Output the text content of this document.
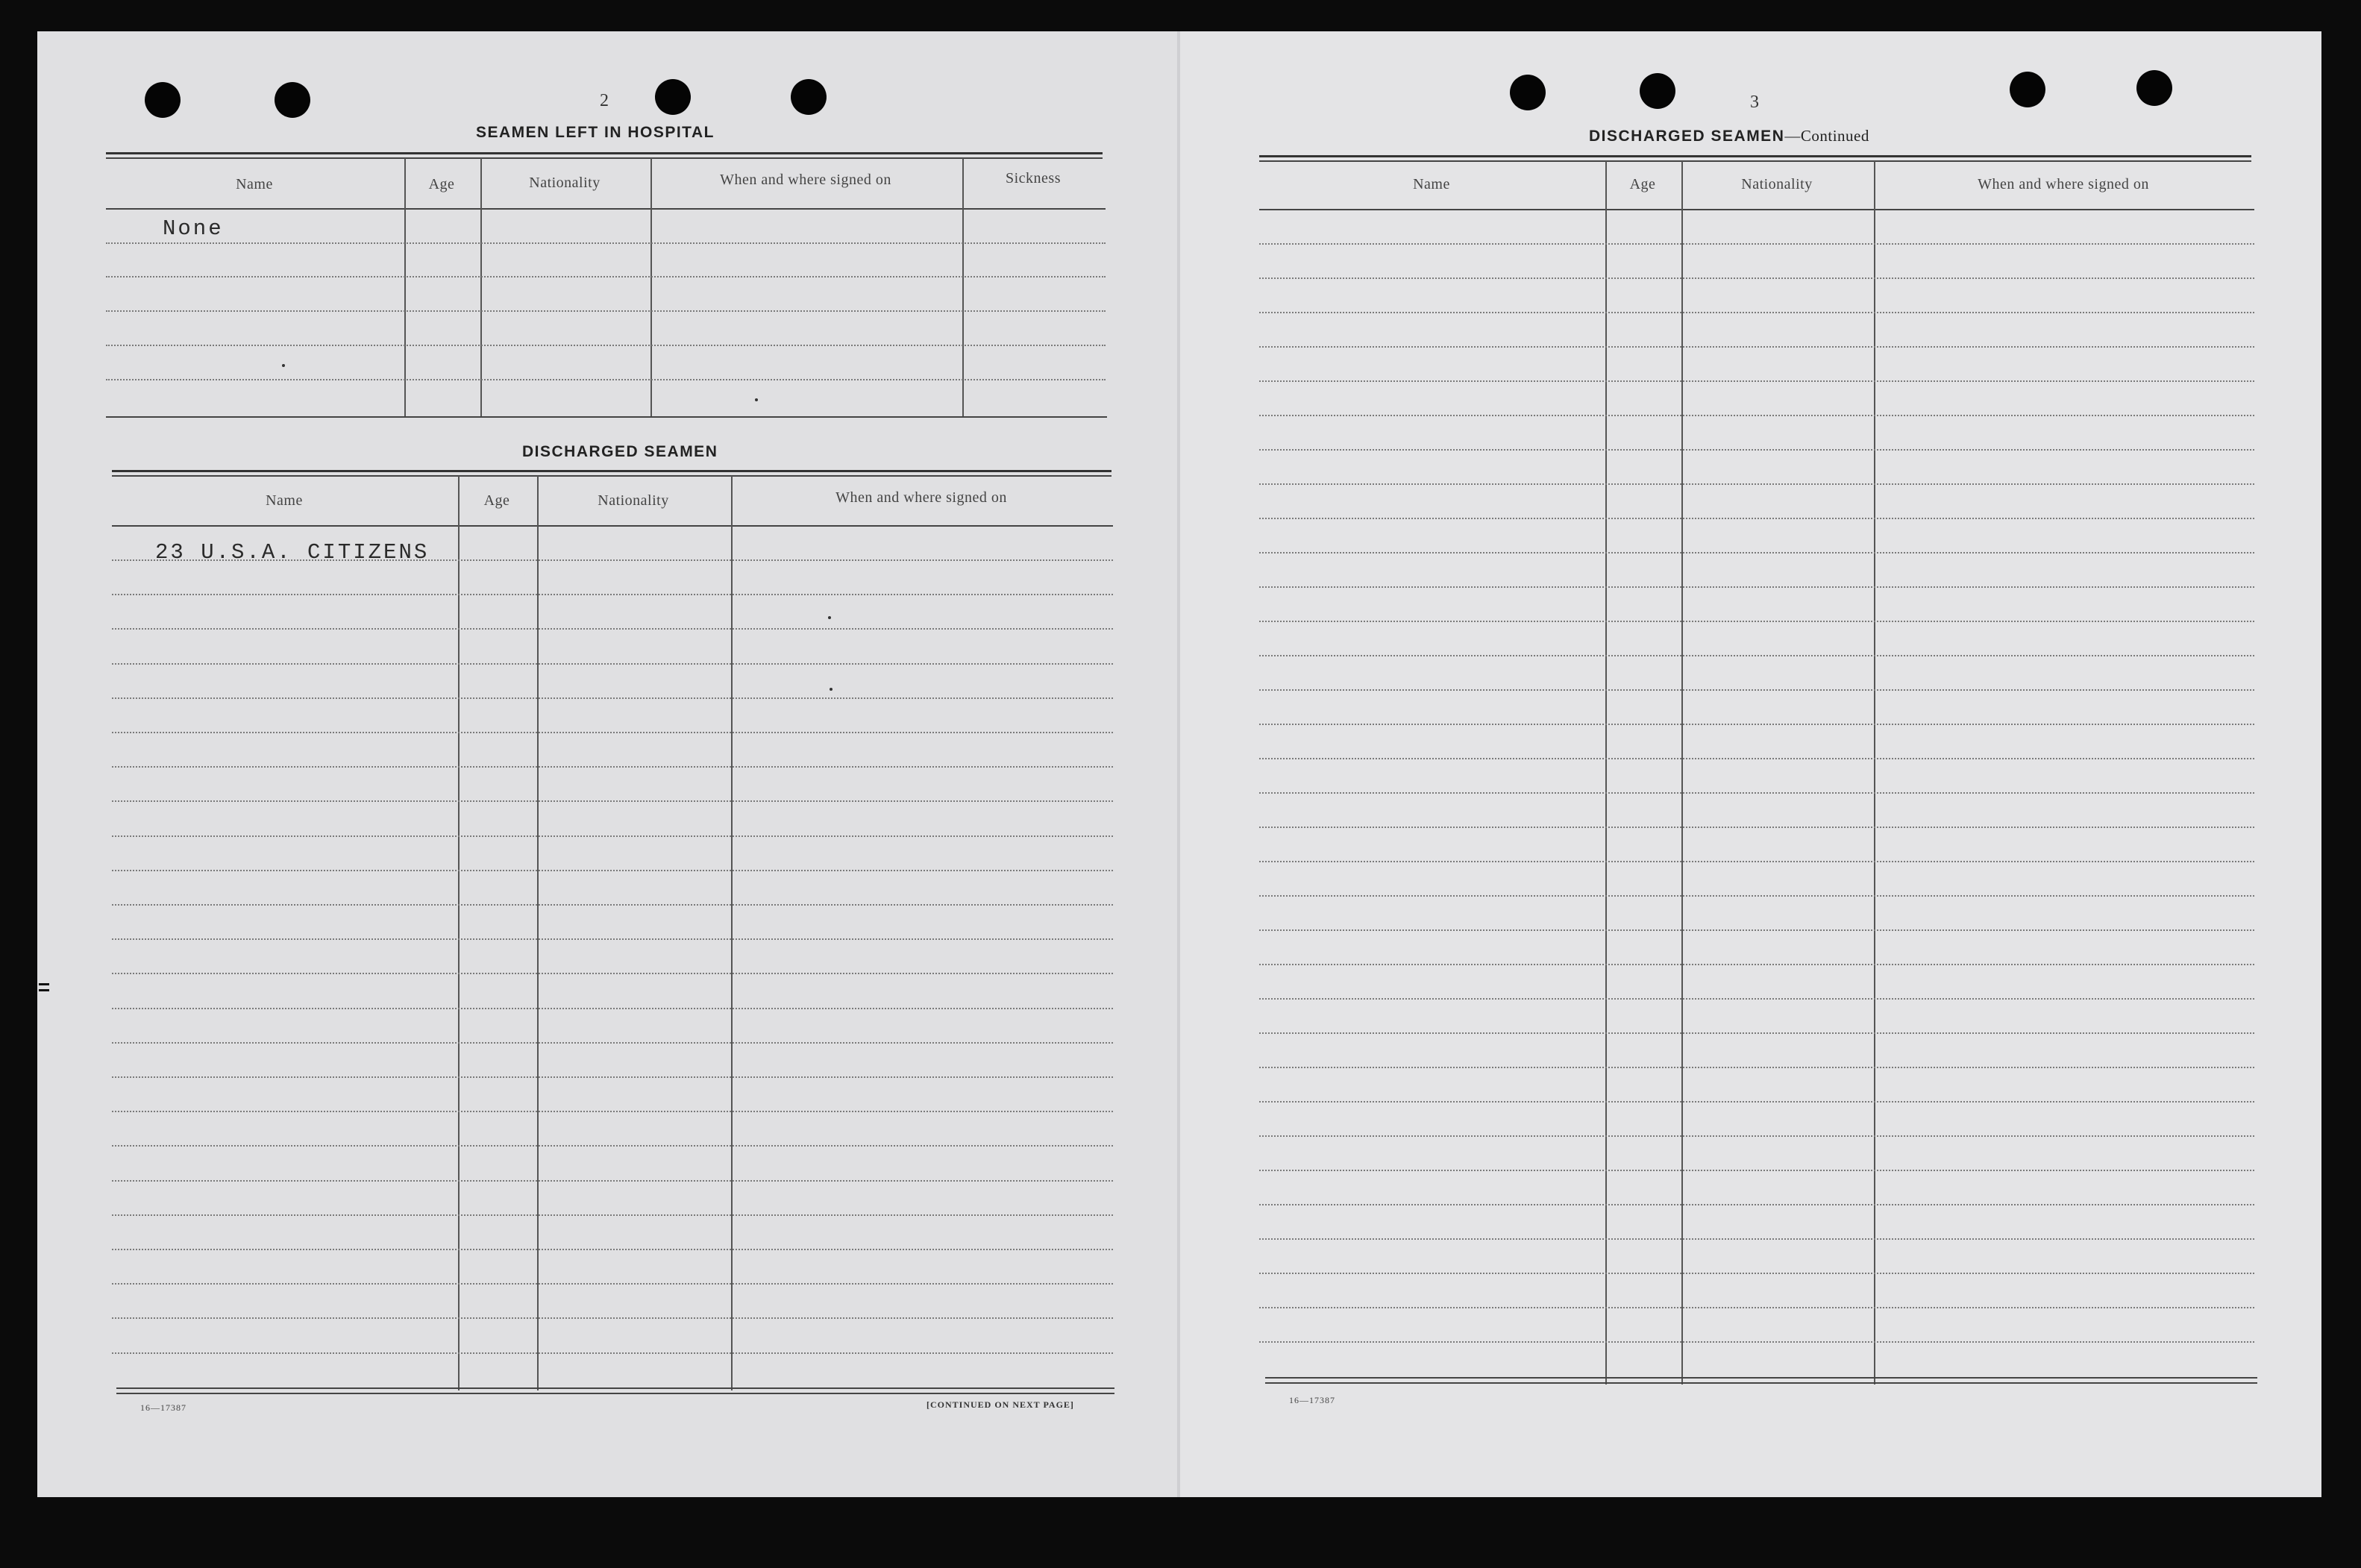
2
SEAMEN LEFT IN HOSPITAL
Name	Age	Nationality	When and where signed on	Sickness
None
DISCHARGED SEAMEN
Name	Age	Nationality	When and where signed on
23 U.S.A. CITIZENS
16—17387	[CONTINUED ON NEXT PAGE]
3
DISCHARGED SEAMEN—Continued
Name	Age	Nationality	When and where signed on
16—17387
